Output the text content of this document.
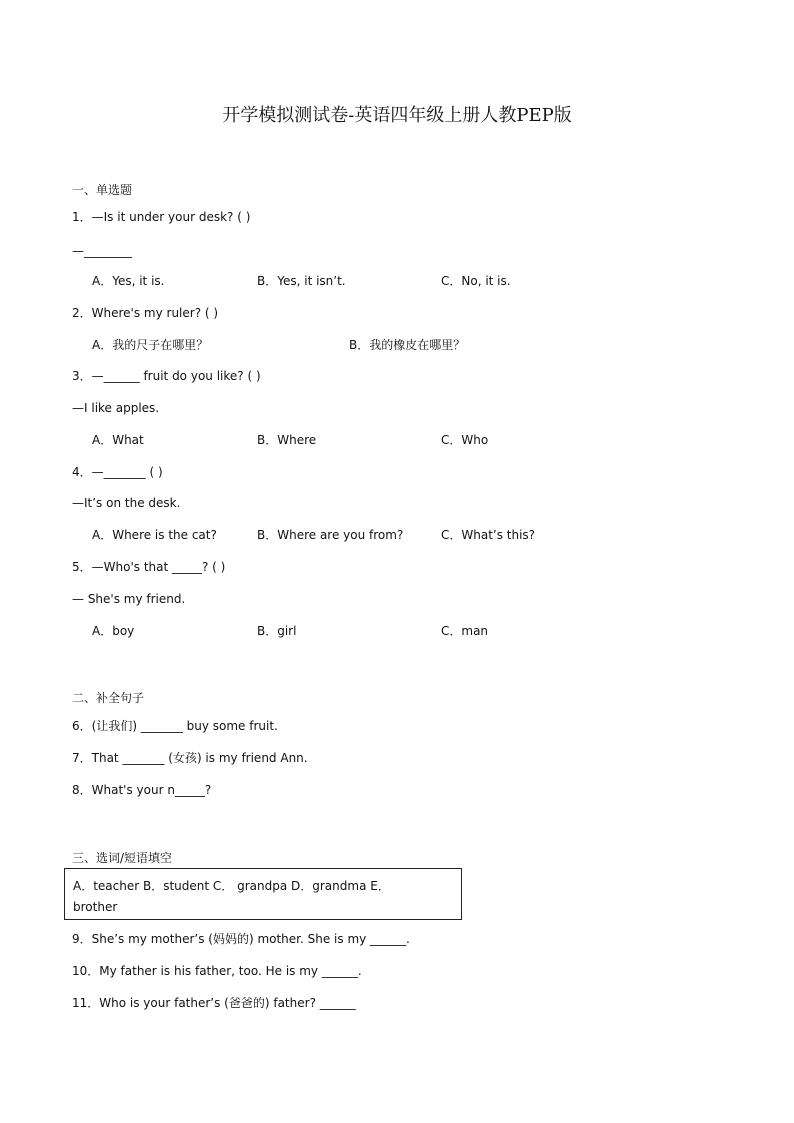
开学模拟测试卷-英语四年级上册人教PEP版
一、单选题
1．—Is it under your desk? ( )
—________
A．Yes, it is.	B．Yes, it isn’t.	C．No, it is.
2．Where's my ruler? ( )
A．我的尺子在哪里？	B．我的橡皮在哪里？
3．—______ fruit do you like? ( )
—I like apples.
A．What	B．Where	C．Who
4．—_______ ( )
—It’s on the desk.
A．Where is the cat?	B．Where are you from?	C．What’s this?
5．—Who's that _____? ( )
— She's my friend.
A．boy	B．girl	C．man
二、补全句子
6．(让我们) _______ buy some fruit.
7．That _______ (女孩) is my friend Ann.
8．What's your n_____?
三、选词/短语填空
A．teacher B．student C． grandpa D．grandma E．
brother
9．She’s my mother’s (妈妈的) mother. She is my ______.
10．My father is his father, too. He is my ______.
11．Who is your father’s (爸爸的) father? ______
